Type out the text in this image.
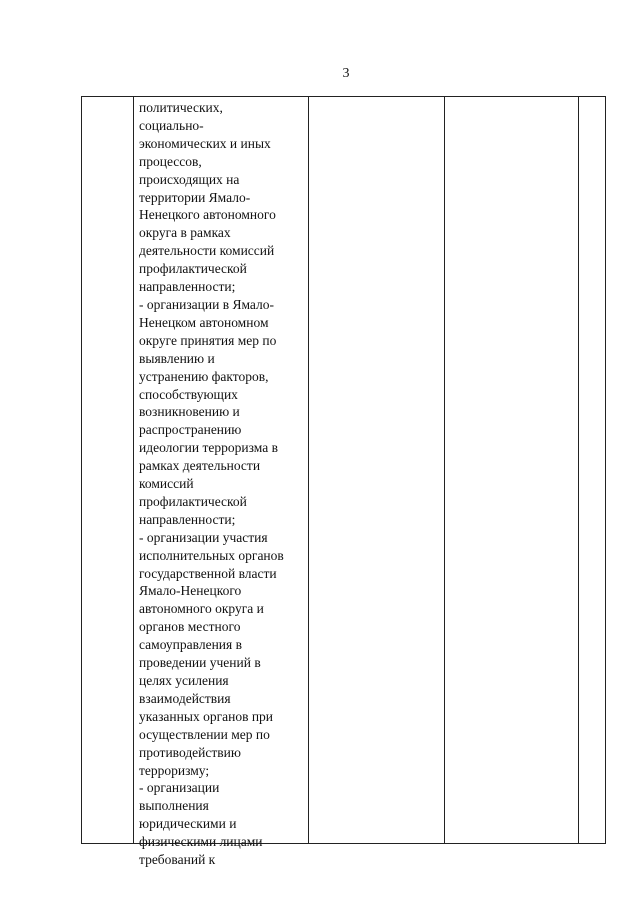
3
политических,
социально-
экономических и иных
процессов,
происходящих на
территории Ямало-
Ненецкого автономного
округа в рамках
деятельности комиссий
профилактической
направленности;
- организации в Ямало-
Ненецком автономном
округе принятия мер по
выявлению и
устранению факторов,
способствующих
возникновению и
распространению
идеологии терроризма в
рамках деятельности
комиссий
профилактической
направленности;
- организации участия
исполнительных органов
государственной власти
Ямало-Ненецкого
автономного округа и
органов местного
самоуправления в
проведении учений в
целях усиления
взаимодействия
указанных органов при
осуществлении мер по
противодействию
терроризму;
- организации
выполнения
юридическими и
физическими лицами
требований к
